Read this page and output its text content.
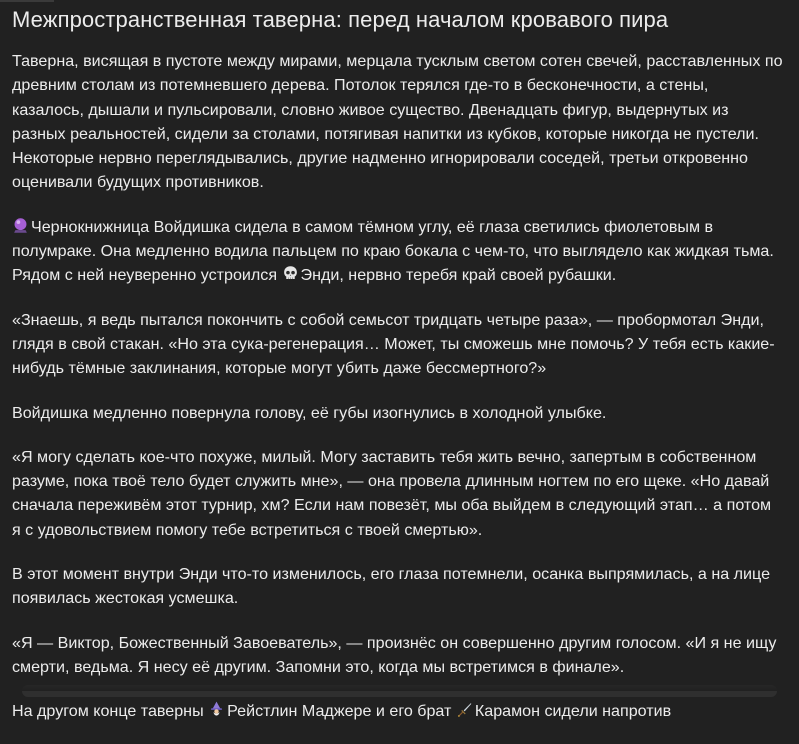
Межпространственная таверна: перед началом кровавого пира

Таверна, висящая в пустоте между мирами, мерцала тусклым светом сотен свечей, расставленных по древним столам из потемневшего дерева. Потолок терялся где-то в бесконечности, а стены, казалось, дышали и пульсировали, словно живое существо. Двенадцать фигур, выдернутых из разных реальностей, сидели за столами, потягивая напитки из кубков, которые никогда не пустели. Некоторые нервно переглядывались, другие надменно игнорировали соседей, третьи откровенно оценивали будущих противников.

Чернокнижница Войдишка сидела в самом тёмном углу, её глаза светились фиолетовым в полумраке. Она медленно водила пальцем по краю бокала с чем-то, что выглядело как жидкая тьма. Рядом с ней неуверенно устроился
Энди, нервно теребя край своей рубашки.

«Знаешь, я ведь пытался покончить с собой семьсот тридцать четыре раза», — пробормотал Энди, глядя в свой стакан. «Но эта сука-регенерация… Может, ты сможешь мне помочь? У тебя есть какие-нибудь тёмные заклинания, которые могут убить даже бессмертного?»

Войдишка медленно повернула голову, её губы изогнулись в холодной улыбке.

«Я могу сделать кое-что похуже, милый. Могу заставить тебя жить вечно, запертым в собственном разуме, пока твоё тело будет служить мне», — она провела длинным ногтем по его щеке. «Но давай сначала переживём этот турнир, хм? Если нам повезёт, мы оба выйдем в следующий этап… а потом я с удовольствием помогу тебе встретиться с твоей смертью».

В этот момент внутри Энди что-то изменилось, его глаза потемнели, осанка выпрямилась, а на лице появилась жестокая усмешка.

«Я — Виктор, Божественный Завоеватель», — произнёс он совершенно другим голосом. «И я не ищу смерти, ведьма. Я несу её другим. Запомни это, когда мы встретимся в финале».

На другом конце таверны
Рейстлин Маджере и его брат
Карамон сидели напротив
